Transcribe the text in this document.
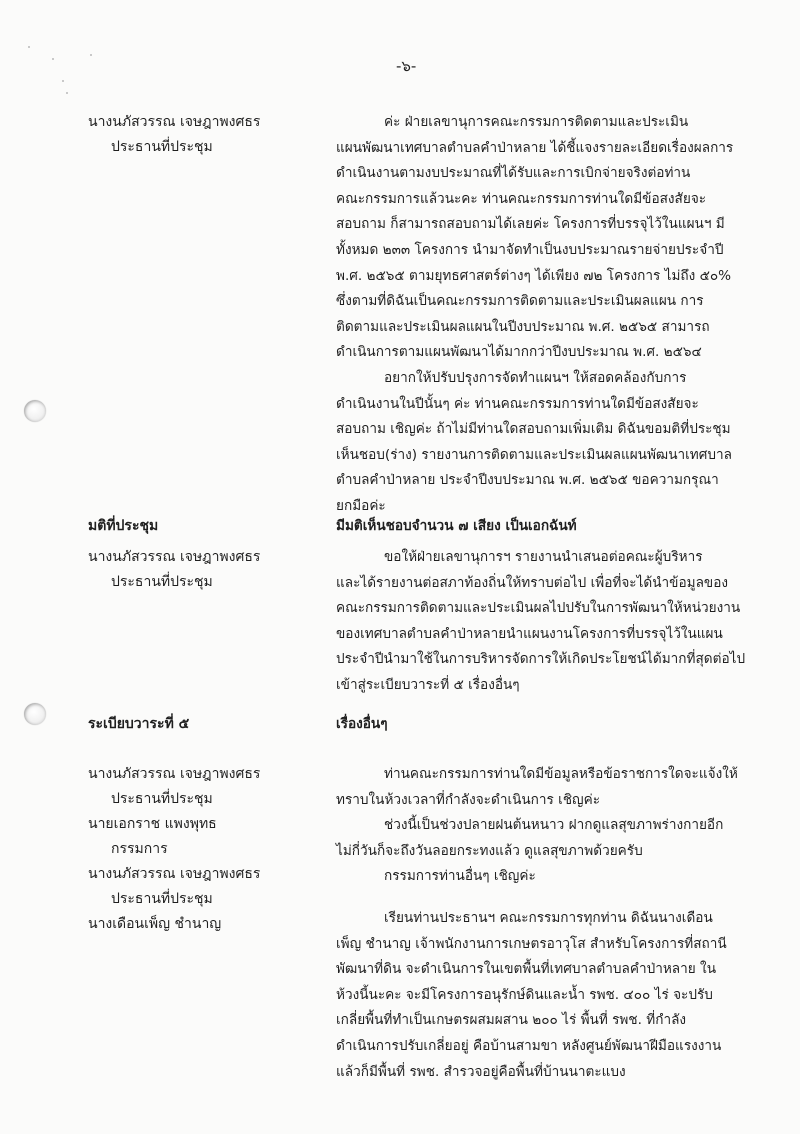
-๖-
นางนภัสวรรณ เจษฎาพงศธร
ประธานที่ประชุม
ค่ะ ฝ่ายเลขานุการคณะกรรมการติดตามและประเมิน
แผนพัฒนาเทศบาลตำบลคำป่าหลาย ได้ชี้แจงรายละเอียดเรื่องผลการ
ดำเนินงานตามงบประมาณที่ได้รับและการเบิกจ่ายจริงต่อท่าน
คณะกรรมการแล้วนะคะ ท่านคณะกรรมการท่านใดมีข้อสงสัยจะ
สอบถาม ก็สามารถสอบถามได้เลยค่ะ โครงการที่บรรจุไว้ในแผนฯ มี
ทั้งหมด ๒๓๓ โครงการ นำมาจัดทำเป็นงบประมาณรายจ่ายประจำปี
พ.ศ. ๒๕๖๕ ตามยุทธศาสตร์ต่างๆ ได้เพียง ๗๒ โครงการ ไม่ถึง ๕๐%
ซึ่งตามที่ดิฉันเป็นคณะกรรมการติดตามและประเมินผลแผน การ
ติดตามและประเมินผลแผนในปีงบประมาณ พ.ศ. ๒๕๖๕ สามารถ
ดำเนินการตามแผนพัฒนาได้มากกว่าปีงบประมาณ พ.ศ. ๒๕๖๔
อยากให้ปรับปรุงการจัดทำแผนฯ ให้สอดคล้องกับการ
ดำเนินงานในปีนั้นๆ ค่ะ ท่านคณะกรรมการท่านใดมีข้อสงสัยจะ
สอบถาม เชิญค่ะ ถ้าไม่มีท่านใดสอบถามเพิ่มเติม ดิฉันขอมติที่ประชุม
เห็นชอบ(ร่าง) รายงานการติดตามและประเมินผลแผนพัฒนาเทศบาล
ตำบลคำป่าหลาย ประจำปีงบประมาณ พ.ศ. ๒๕๖๕ ขอความกรุณา
ยกมือค่ะ
มติที่ประชุม	มีมติเห็นชอบจำนวน ๗ เสียง เป็นเอกฉันท์
นางนภัสวรรณ เจษฎาพงศธร
ประธานที่ประชุม
ขอให้ฝ่ายเลขานุการฯ รายงานนำเสนอต่อคณะผู้บริหาร
และได้รายงานต่อสภาท้องถิ่นให้ทราบต่อไป เพื่อที่จะได้นำข้อมูลของ
คณะกรรมการติดตามและประเมินผลไปปรับในการพัฒนาให้หน่วยงาน
ของเทศบาลตำบลคำป่าหลายนำแผนงานโครงการที่บรรจุไว้ในแผน
ประจำปีนำมาใช้ในการบริหารจัดการให้เกิดประโยชน์ได้มากที่สุดต่อไป
เข้าสู่ระเบียบวาระที่ ๕ เรื่องอื่นๆ
ระเบียบวาระที่ ๕	เรื่องอื่นๆ
นางนภัสวรรณ เจษฎาพงศธร
ประธานที่ประชุม
นายเอกราช แพงพุทธ
กรรมการ
นางนภัสวรรณ เจษฎาพงศธร
ประธานที่ประชุม
นางเดือนเพ็ญ ชำนาญ
ท่านคณะกรรมการท่านใดมีข้อมูลหรือข้อราชการใดจะแจ้งให้
ทราบในห้วงเวลาที่กำลังจะดำเนินการ เชิญค่ะ
ช่วงนี้เป็นช่วงปลายฝนต้นหนาว ฝากดูแลสุขภาพร่างกายอีก
ไม่กี่วันก็จะถึงวันลอยกระทงแล้ว ดูแลสุขภาพด้วยครับ
กรรมการท่านอื่นๆ เชิญค่ะ
เรียนท่านประธานฯ คณะกรรมการทุกท่าน ดิฉันนางเดือน
เพ็ญ ชำนาญ เจ้าพนักงานการเกษตรอาวุโส สำหรับโครงการที่สถานี
พัฒนาที่ดิน จะดำเนินการในเขตพื้นที่เทศบาลตำบลคำป่าหลาย ใน
ห้วงนี้นะคะ จะมีโครงการอนุรักษ์ดินและน้ำ รพช. ๔๐๐ ไร่ จะปรับ
เกลี่ยพื้นที่ทำเป็นเกษตรผสมผสาน ๒๐๐ ไร่ พื้นที่ รพช. ที่กำลัง
ดำเนินการปรับเกลี่ยอยู่ คือบ้านสามขา หลังศูนย์พัฒนาฝีมือแรงงาน
แล้วก็มีพื้นที่ รพช. สำรวจอยู่คือพื้นที่บ้านนาตะแบง
